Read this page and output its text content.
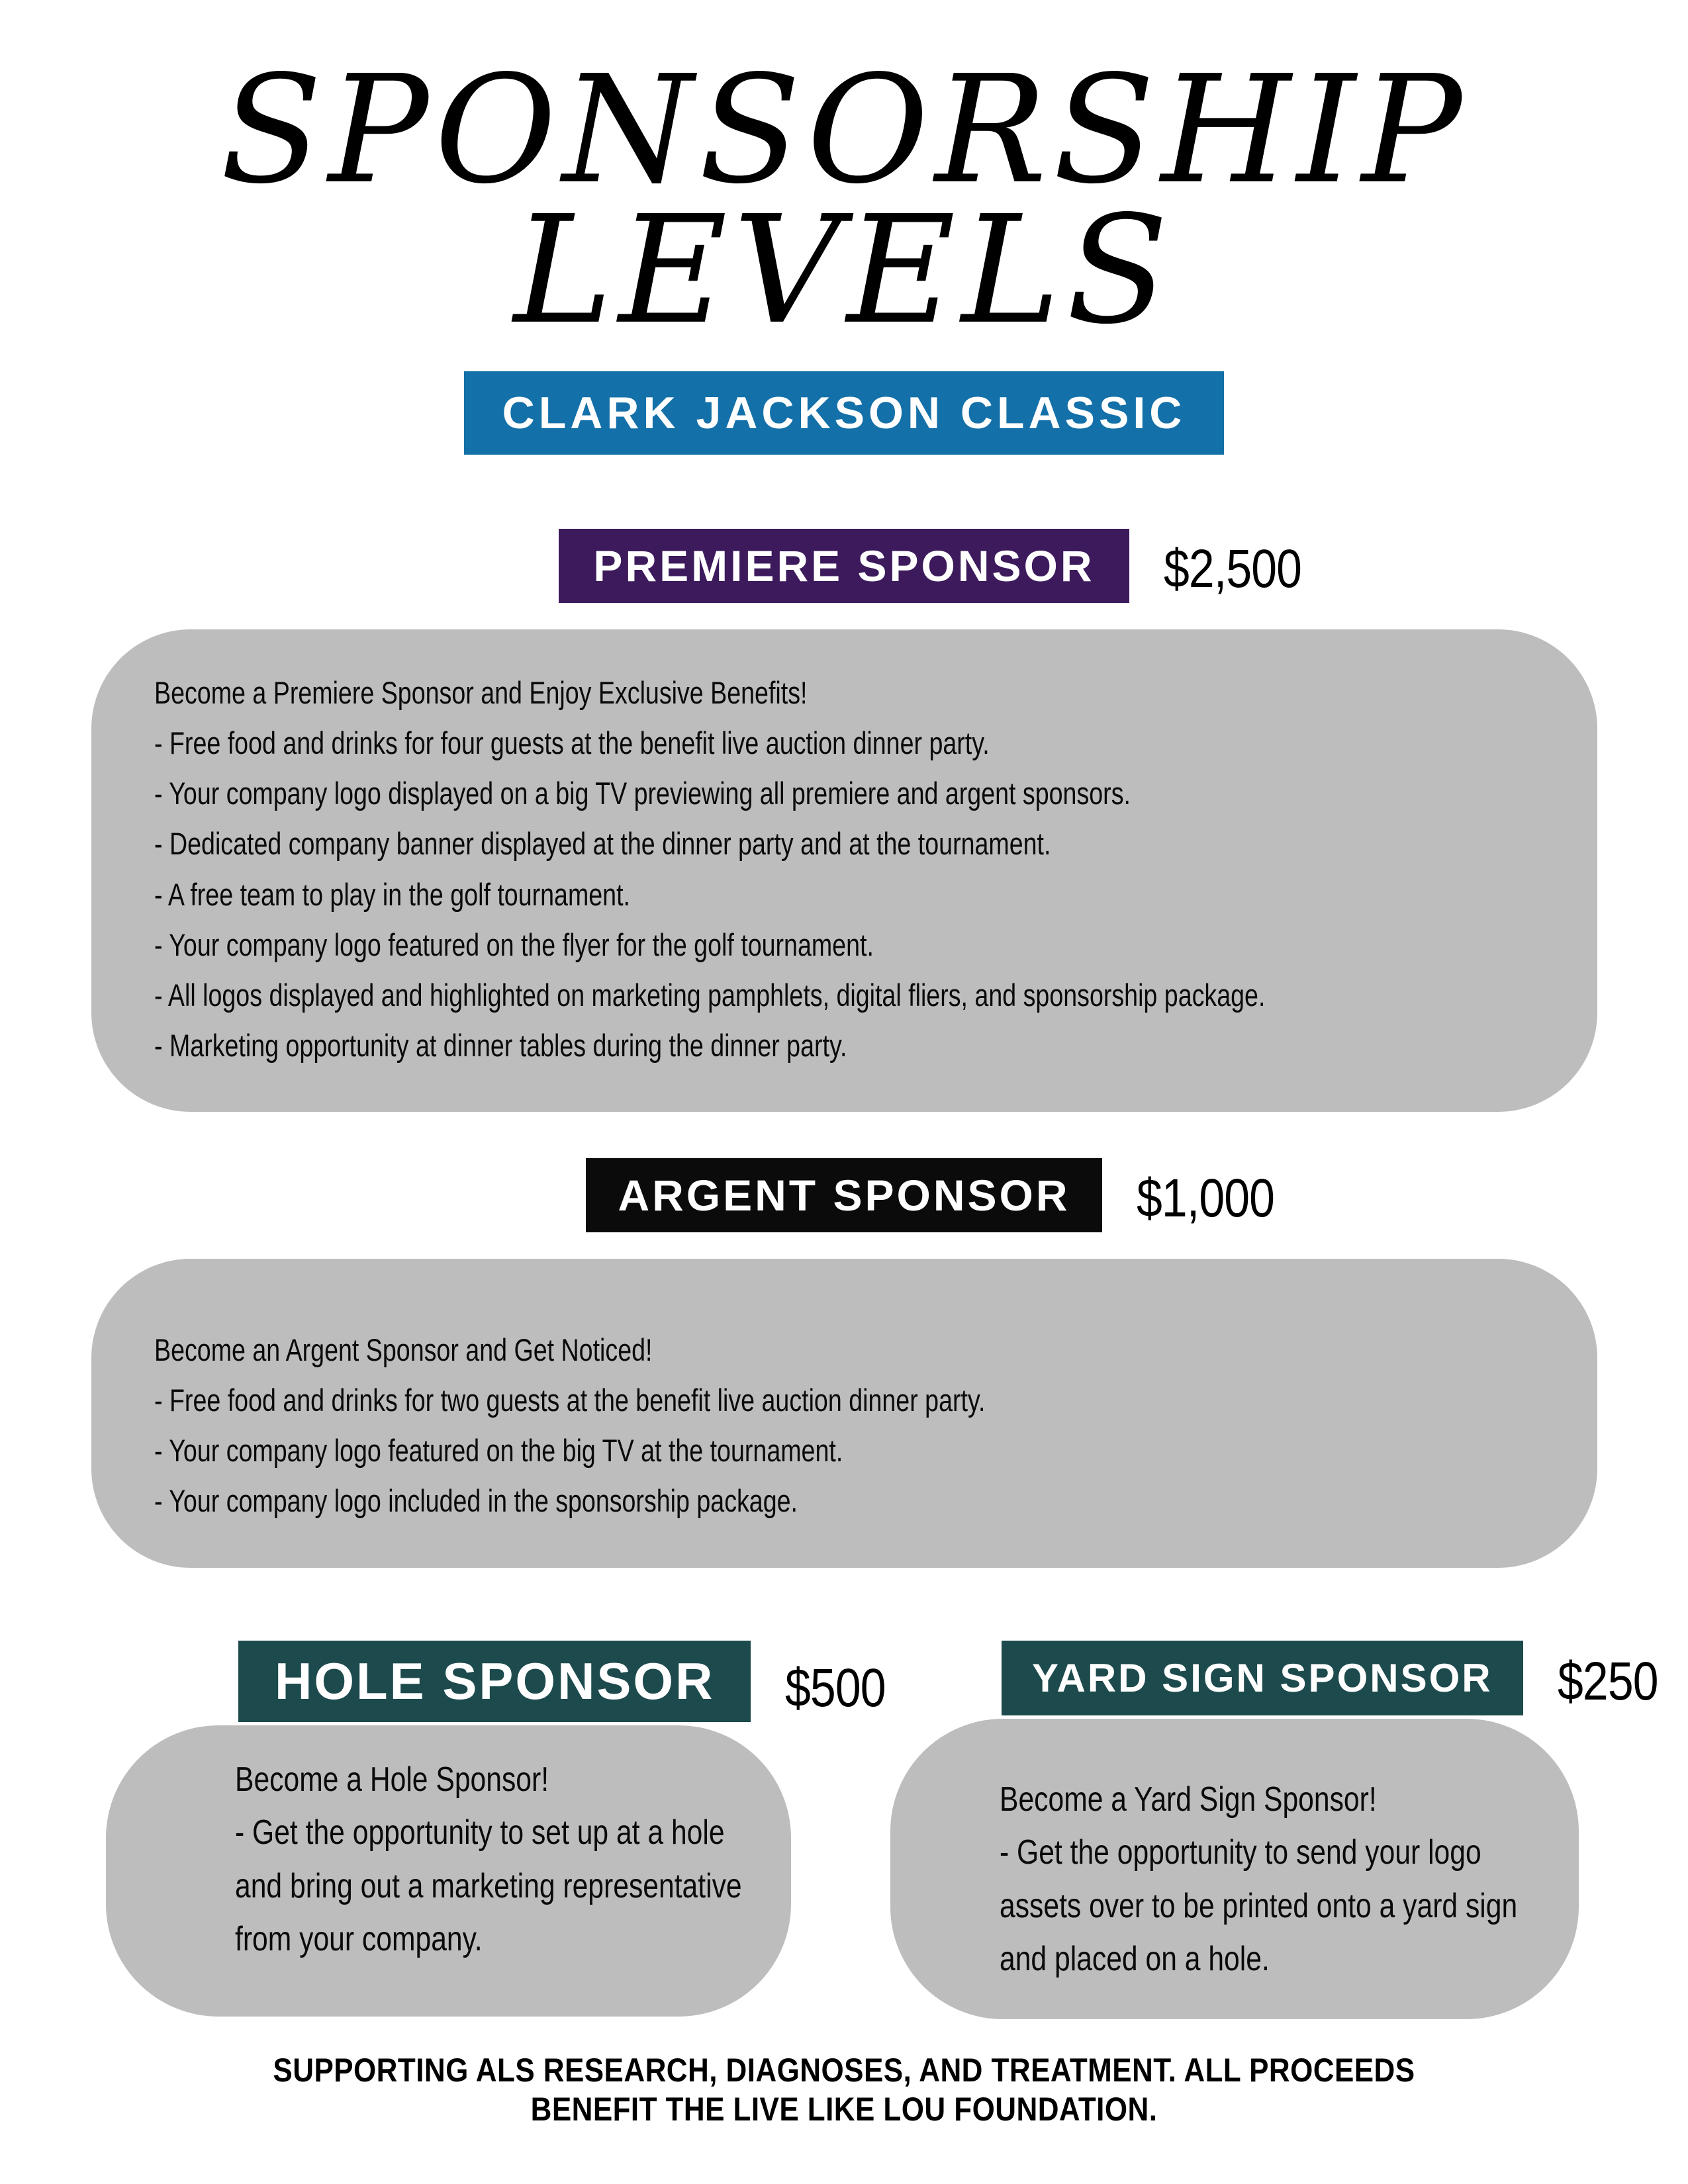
SPONSORSHIP
LEVELS
CLARK JACKSON CLASSIC
PREMIERE SPONSOR	$2,500
Become a Premiere Sponsor and Enjoy Exclusive Benefits!
- Free food and drinks for four guests at the benefit live auction dinner party.
- Your company logo displayed on a big TV previewing all premiere and argent sponsors.
- Dedicated company banner displayed at the dinner party and at the tournament.
- A free team to play in the golf tournament.
- Your company logo featured on the flyer for the golf tournament.
- All logos displayed and highlighted on marketing pamphlets, digital fliers, and sponsorship package.
- Marketing opportunity at dinner tables during the dinner party.
ARGENT SPONSOR	$1,000
Become an Argent Sponsor and Get Noticed!
- Free food and drinks for two guests at the benefit live auction dinner party.
- Your company logo featured on the big TV at the tournament.
- Your company logo included in the sponsorship package.
HOLE SPONSOR	$500
Become a Hole Sponsor!
- Get the opportunity to set up at a hole and bring out a marketing representative from your company.
YARD SIGN SPONSOR	$250
Become a Yard Sign Sponsor!
- Get the opportunity to send your logo assets over to be printed onto a yard sign and placed on a hole.
SUPPORTING ALS RESEARCH, DIAGNOSES, AND TREATMENT. ALL PROCEEDS BENEFIT THE LIVE LIKE LOU FOUNDATION.
